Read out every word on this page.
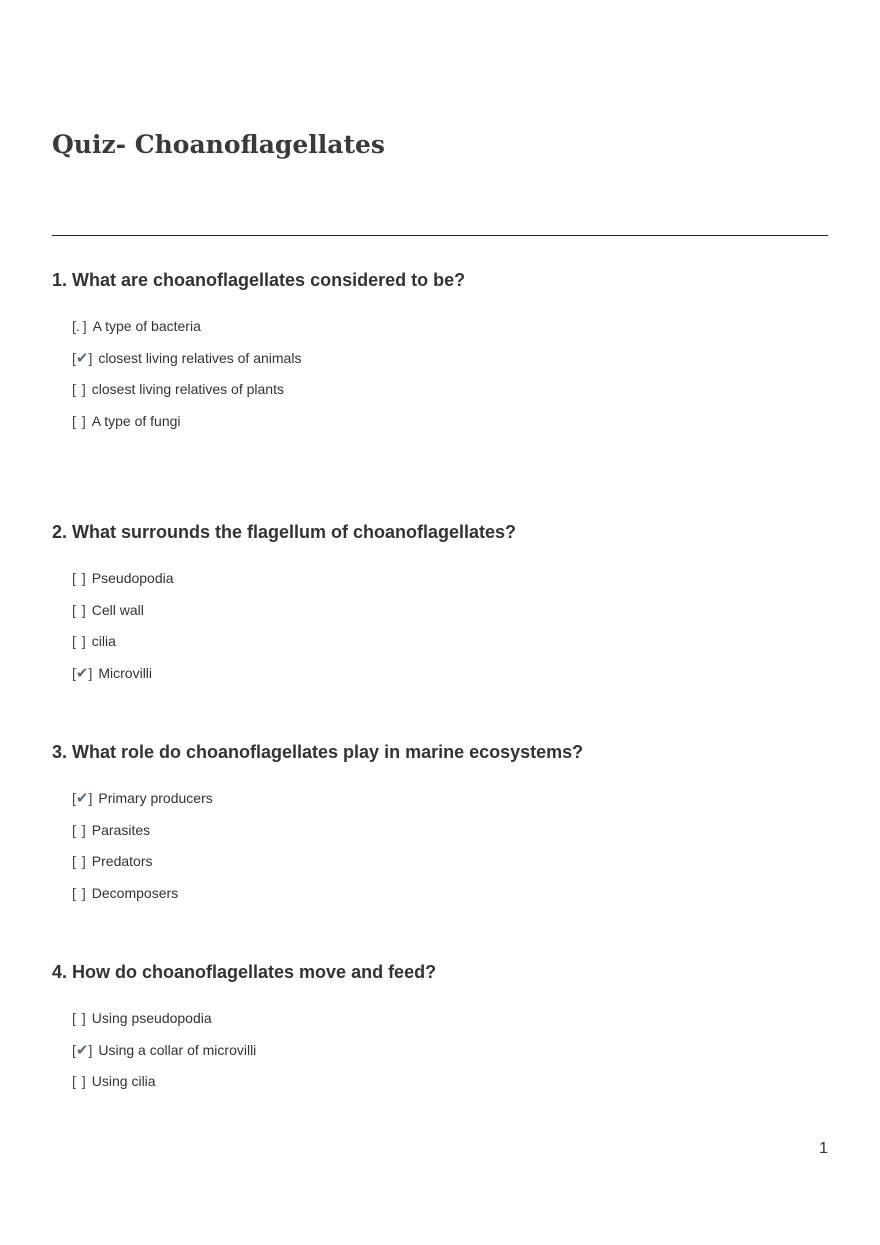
Quiz- Choanoflagellates
1. What are choanoflagellates considered to be?
[. ] A type of bacteria
[✔] closest living relatives of animals
[ ] closest living relatives of plants
[ ] A type of fungi
2. What surrounds the flagellum of choanoflagellates?
[ ] Pseudopodia
[ ] Cell wall
[ ] cilia
[✔] Microvilli
3. What role do choanoflagellates play in marine ecosystems?
[✔] Primary producers
[ ] Parasites
[ ] Predators
[ ] Decomposers
4. How do choanoflagellates move and feed?
[ ] Using pseudopodia
[✔] Using a collar of microvilli
[ ] Using cilia
1
